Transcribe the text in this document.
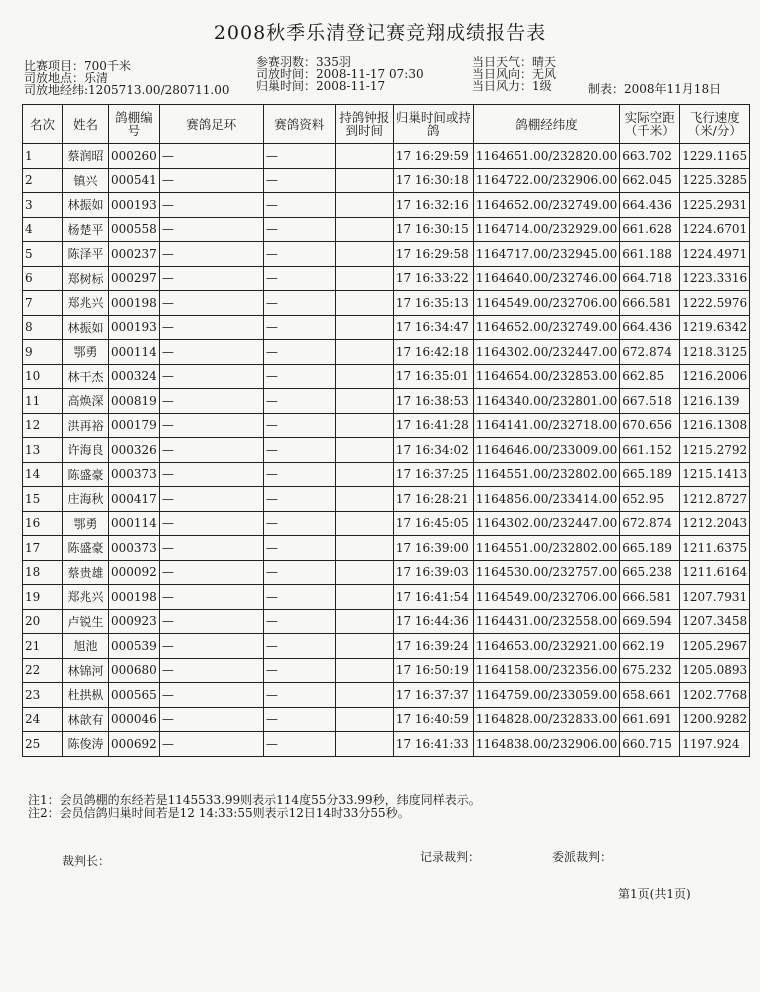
2008秋季乐清登记赛竞翔成绩报告表
比赛项目：700千米
司放地点：乐清
司放地经纬:1205713.00/280711.00
参赛羽数：335羽
司放时间：2008-11-17 07:30
归巢时间：2008-11-17
当日天气：晴天
当日风向：无风
当日风力：1级	制表：2008年11月18日
名次	姓名	鸽棚编号	赛鸽足环	赛鸽资料	持鸽钟报到时间	归巢时间或持鸽	鸽棚经纬度	实际空距（千米）	飞行速度（米/分）
1	蔡润昭	000260	—	—		17 16:29:59	1164651.00/232820.00	663.702	1229.1165
2	镇兴	000541	—	—		17 16:30:18	1164722.00/232906.00	662.045	1225.3285
3	林振如	000193	—	—		17 16:32:16	1164652.00/232749.00	664.436	1225.2931
4	杨楚平	000558	—	—		17 16:30:15	1164714.00/232929.00	661.628	1224.6701
5	陈泽平	000237	—	—		17 16:29:58	1164717.00/232945.00	661.188	1224.4971
6	郑树标	000297	—	—		17 16:33:22	1164640.00/232746.00	664.718	1223.3316
7	郑兆兴	000198	—	—		17 16:35:13	1164549.00/232706.00	666.581	1222.5976
8	林振如	000193	—	—		17 16:34:47	1164652.00/232749.00	664.436	1219.6342
9	鄂勇	000114	—	—		17 16:42:18	1164302.00/232447.00	672.874	1218.3125
10	林干杰	000324	—	—		17 16:35:01	1164654.00/232853.00	662.85	1216.2006
11	高焕深	000819	—	—		17 16:38:53	1164340.00/232801.00	667.518	1216.139
12	洪再裕	000179	—	—		17 16:41:28	1164141.00/232718.00	670.656	1216.1308
13	许海良	000326	—	—		17 16:34:02	1164646.00/233009.00	661.152	1215.2792
14	陈盛豪	000373	—	—		17 16:37:25	1164551.00/232802.00	665.189	1215.1413
15	庄海秋	000417	—	—		17 16:28:21	1164856.00/233414.00	652.95	1212.8727
16	鄂勇	000114	—	—		17 16:45:05	1164302.00/232447.00	672.874	1212.2043
17	陈盛豪	000373	—	—		17 16:39:00	1164551.00/232802.00	665.189	1211.6375
18	蔡贵雄	000092	—	—		17 16:39:03	1164530.00/232757.00	665.238	1211.6164
19	郑兆兴	000198	—	—		17 16:41:54	1164549.00/232706.00	666.581	1207.7931
20	卢锐生	000923	—	—		17 16:44:36	1164431.00/232558.00	669.594	1207.3458
21	旭池	000539	—	—		17 16:39:24	1164653.00/232921.00	662.19	1205.2967
22	林锦河	000680	—	—		17 16:50:19	1164158.00/232356.00	675.232	1205.0893
23	杜拱枞	000565	—	—		17 16:37:37	1164759.00/233059.00	658.661	1202.7768
24	林歆有	000046	—	—		17 16:40:59	1164828.00/232833.00	661.691	1200.9282
25	陈俊涛	000692	—	—		17 16:41:33	1164838.00/232906.00	660.715	1197.924
注1：会员鸽棚的东经若是1145533.99则表示114度55分33.99秒，纬度同样表示。
注2：会员信鸽归巢时间若是12 14:33:55则表示12日14时33分55秒。
裁判长：	记录裁判：	委派裁判：
第1页(共1页)
